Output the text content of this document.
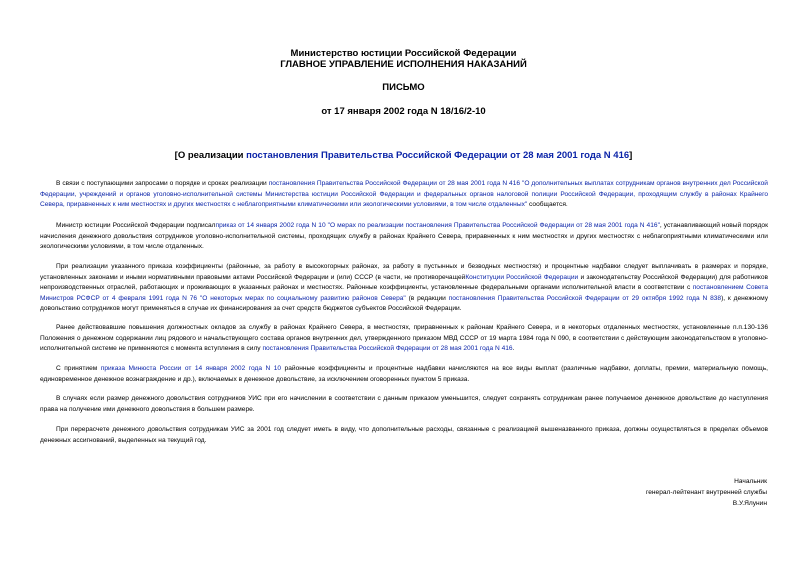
Министерство юстиции Российской Федерации
ГЛАВНОЕ УПРАВЛЕНИЕ ИСПОЛНЕНИЯ НАКАЗАНИЙ
ПИСЬМО
от 17 января 2002 года N 18/16/2-10
[О реализации постановления Правительства Российской Федерации от 28 мая 2001 года N 416]

В связи с поступающими запросами о порядке и сроках реализации постановления Правительства Российской Федерации от 28 мая 2001 года N 416 "О дополнительных выплатах сотрудникам органов внутренних дел Российской Федерации, учреждений и органов уголовно-исполнительной системы Министерства юстиции Российской Федерации и федеральных органов налоговой полиции Российской Федерации, проходящим службу в районах Крайнего Севера, приравненных к ним местностях и других местностях с неблагоприятными климатическими или экологическими условиями, в том числе отдаленных" сообщается.

Министр юстиции Российской Федерации подписалприказ от 14 января 2002 года N 10 "О мерах по реализации постановления Правительства Российской Федерации от 28 мая 2001 года N 416", устанавливающий новый порядок начисления денежного довольствия сотрудников уголовно-исполнительной системы, проходящих службу в районах Крайнего Севера, приравненных к ним местностях и других местностях с неблагоприятными климатическими или экологическими условиями, в том числе отдаленных.

При реализации указанного приказа коэффициенты (районные, за работу в высокогорных районах, за работу в пустынных и безводных местностях) и процентные надбавки следует выплачивать в размерах и порядке, установленных законами и иными нормативными правовыми актами Российской Федерации и (или) СССР (в части, не противоречащейКонституции Российской Федерации и законодательству Российской Федерации) для работников непроизводственных отраслей, работающих и проживающих в указанных районах и местностях. Районные коэффициенты, установленные федеральными органами исполнительной власти в соответствии с постановлением Совета Министров РСФСР от 4 февраля 1991 года N 76 "О некоторых мерах по социальному развитию районов Севера" (в редакции постановления Правительства Российской Федерации от 29 октября 1992 года N 838), к денежному довольствию сотрудников могут применяться в случае их финансирования за счет средств бюджетов субъектов Российской Федерации.

Ранее действовавшие повышения должностных окладов за службу в районах Крайнего Севера, в местностях, приравненных к районам Крайнего Севера, и в некоторых отдаленных местностях, установленные п.п.130-136 Положения о денежном содержании лиц рядового и начальствующего состава органов внутренних дел, утвержденного приказом МВД СССР от 19 марта 1984 года N 090, в соответствии с действующим законодательством в уголовно-исполнительной системе не применяются с момента вступления в силу постановления Правительства Российской Федерации от 28 мая 2001 года N 416.

С принятием приказа Минюста России от 14 января 2002 года N 10 районные коэффициенты и процентные надбавки начисляются на все виды выплат (различные надбавки, доплаты, премии, материальную помощь, единовременное денежное вознаграждение и др.), включаемых в денежное довольствие, за исключением оговоренных пунктом 5 приказа.

В случаях если размер денежного довольствия сотрудников УИС при его начислении в соответствии с данным приказом уменьшится, следует сохранять сотрудникам ранее получаемое денежное довольствие до наступления права на получение ими денежного довольствия в большем размере.

При перерасчете денежного довольствия сотрудникам УИС за 2001 год следует иметь в виду, что дополнительные расходы, связанные с реализацией вышеназванного приказа, должны осуществляться в пределах объемов денежных ассигнований, выделенных на текущий год.

Начальник
генерал-лейтенант внутренней службы
В.У.Ялунин
